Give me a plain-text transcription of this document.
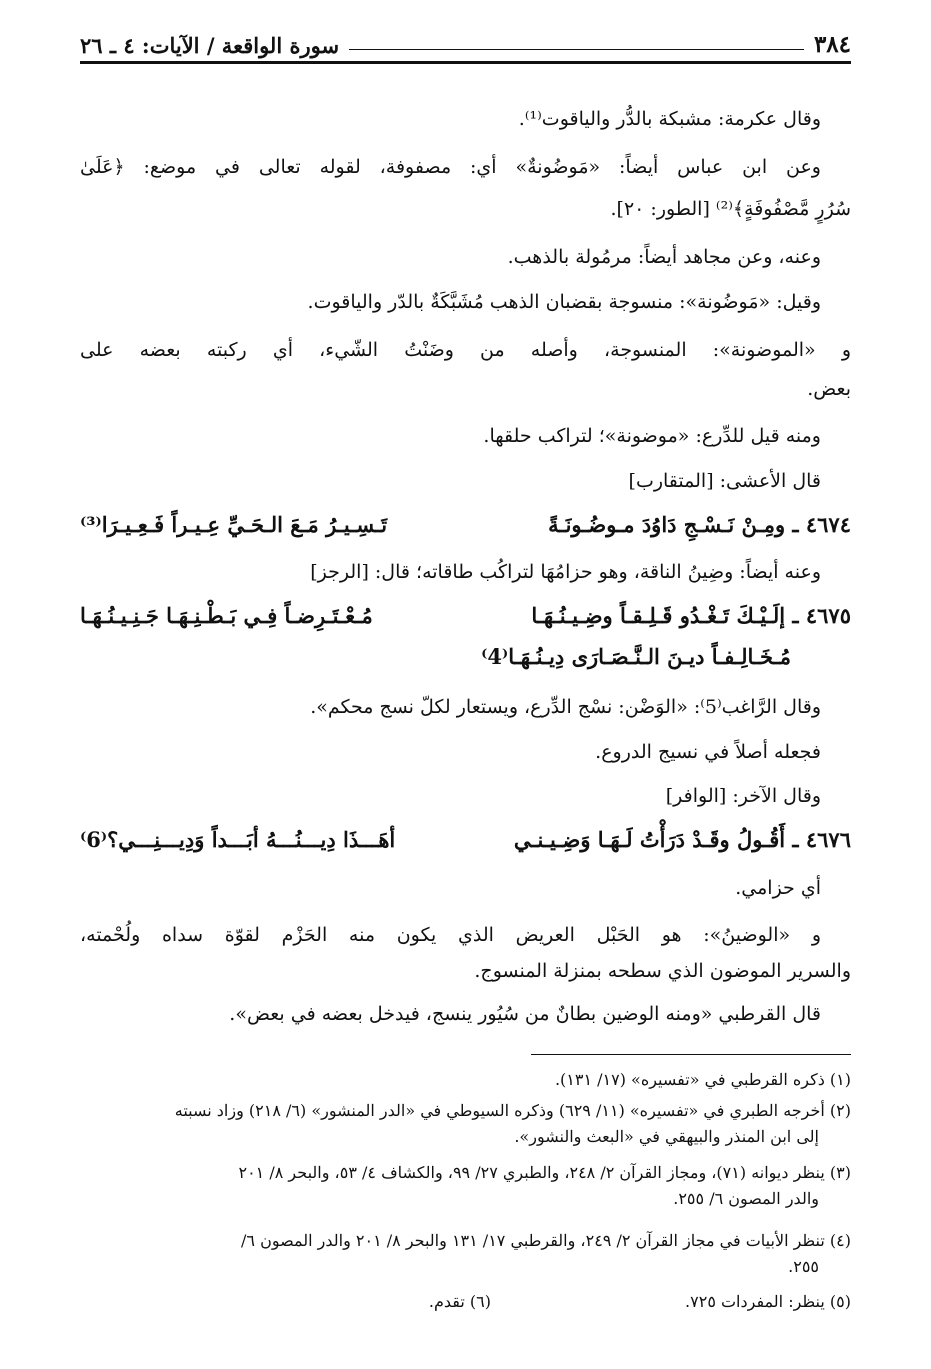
٣٨٤
سورة الواقعة / الآيات: ٤ ـ ٢٦
وقال عكرمة: مشبكة بالدُّر والياقوت⁽¹⁾.
وعن ابن عباس أيضاً: «مَوضُونةٌ» أي: مصفوفة، لقوله تعالى في موضع: ﴿عَلَىٰ
سُرُرٍ مَّصْفُوفَةٍ﴾⁽²⁾ [الطور: ٢٠].
وعنه، وعن مجاهد أيضاً: مرمُولة بالذهب.
وقيل: «مَوضُونة»: منسوجة بقضبان الذهب مُشَبَّكَةٌ بالدّر والياقوت.
و «الموضونة»: المنسوجة، وأصله من وضَنْتُ الشّيء، أي ركبته بعضه على
بعض.
ومنه قيل للدِّرع: «موضونة»؛ لتراكب حلقها.
قال الأعشى: [المتقارب]
٤٦٧٤ ـ ومِـنْ نَـسْـجِ دَاوُدَ مـوضُـونَـةً
تَـسِـيـرُ مَـعَ الـحَـيِّ عِـيـراً فَـعِـيـرَا⁽³⁾
وعنه أيضاً: وضِينُ الناقة، وهو حزامُهَا لتراكُب طاقاته؛ قال: [الرجز]
٤٦٧٥ ـ إلَـيْـكَ تَـغْـدُو قَـلِـقـاً وضِـيـنُـهَـا
مُـعْـتَـرِضـاً فِـي بَـطْـنِـهَـا جَـنِـيـنُـهَـا
مُـخَـالِـفـاً ديـنَ الـنَّـصَـارَى دِيـنُـهَـا⁽4⁾
وقال الرَّاغب⁽5⁾: «الوَضْن: نسْج الدِّرع، ويستعار لكلّ نسج محكم».
فجعله أصلاً في نسيج الدروع.
وقال الآخر: [الوافر]
٤٦٧٦ ـ أَقُـولُ وقَـدْ دَرَأْتُ لَـهَـا وَضِـيـنـي
أهَـــذَا دِيـــنُـــهُ أبَـــداً وَدِيـــنِـــي؟⁽6⁾
أي حزامي.
و «الوضينُ»: هو الحَبْل العريض الذي يكون منه الحَزْم لقوّة سداه ولُحْمته،
والسرير الموضون الذي سطحه بمنزلة المنسوج.
قال القرطبي «ومنه الوضين بطانٌ من سُيُور ينسج، فيدخل بعضه في بعض».
(١) ذكره القرطبي في «تفسيره» (١٧/ ١٣١).
(٢) أخرجه الطبري في «تفسيره» (١١/ ٦٢٩) وذكره السيوطي في «الدر المنشور» (٦/ ٢١٨) وزاد نسبته
إلى ابن المنذر والبيهقي في «البعث والنشور».
(٣) ينظر ديوانه (٧١)، ومجاز القرآن ٢/ ٢٤٨، والطبري ٢٧/ ٩٩، والكشاف ٤/ ٥٣، والبحر ٨/ ٢٠١
والدر المصون ٦/ ٢٥٥.
(٤) تنظر الأبيات في مجاز القرآن ٢/ ٢٤٩، والقرطبي ١٧/ ١٣١ والبحر ٨/ ٢٠١ والدر المصون ٦/
٢٥٥.
(٥) ينظر: المفردات ٧٢٥.
(٦) تقدم.
